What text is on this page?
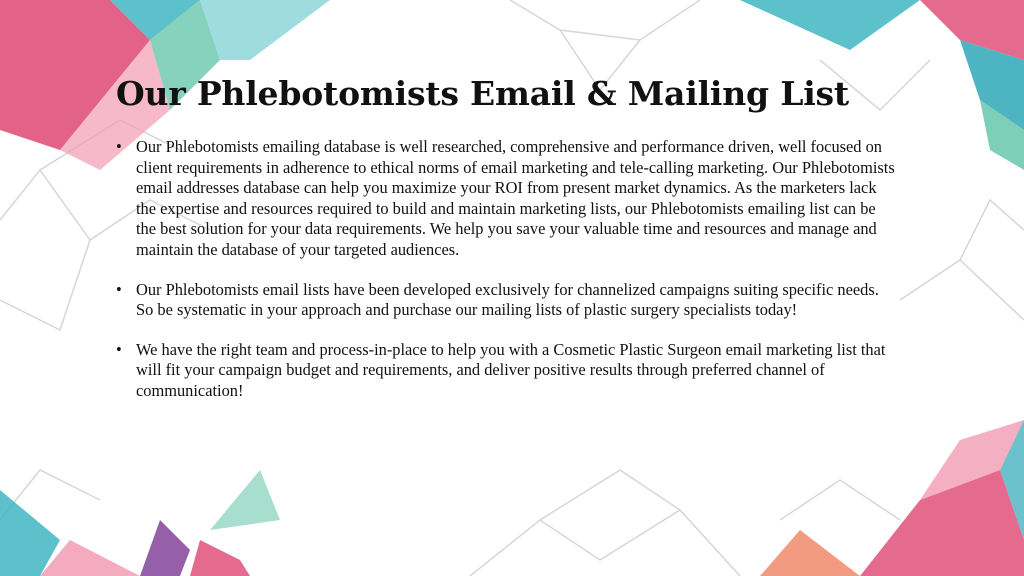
Our Phlebotomists Email & Mailing List
• Our Phlebotomists emailing database is well researched, comprehensive and performance driven, well focused on client requirements in adherence to ethical norms of email marketing and tele-calling marketing. Our Phlebotomists email addresses database can help you maximize your ROI from present market dynamics. As the marketers lack the expertise and resources required to build and maintain marketing lists, our Phlebotomists emailing list can be the best solution for your data requirements. We help you save your valuable time and resources and manage and maintain the database of your targeted audiences.
• Our Phlebotomists email lists have been developed exclusively for channelized campaigns suiting specific needs. So be systematic in your approach and purchase our mailing lists of plastic surgery specialists today!
• We have the right team and process-in-place to help you with a Cosmetic Plastic Surgeon email marketing list that will fit your campaign budget and requirements, and deliver positive results through preferred channel of communication!
